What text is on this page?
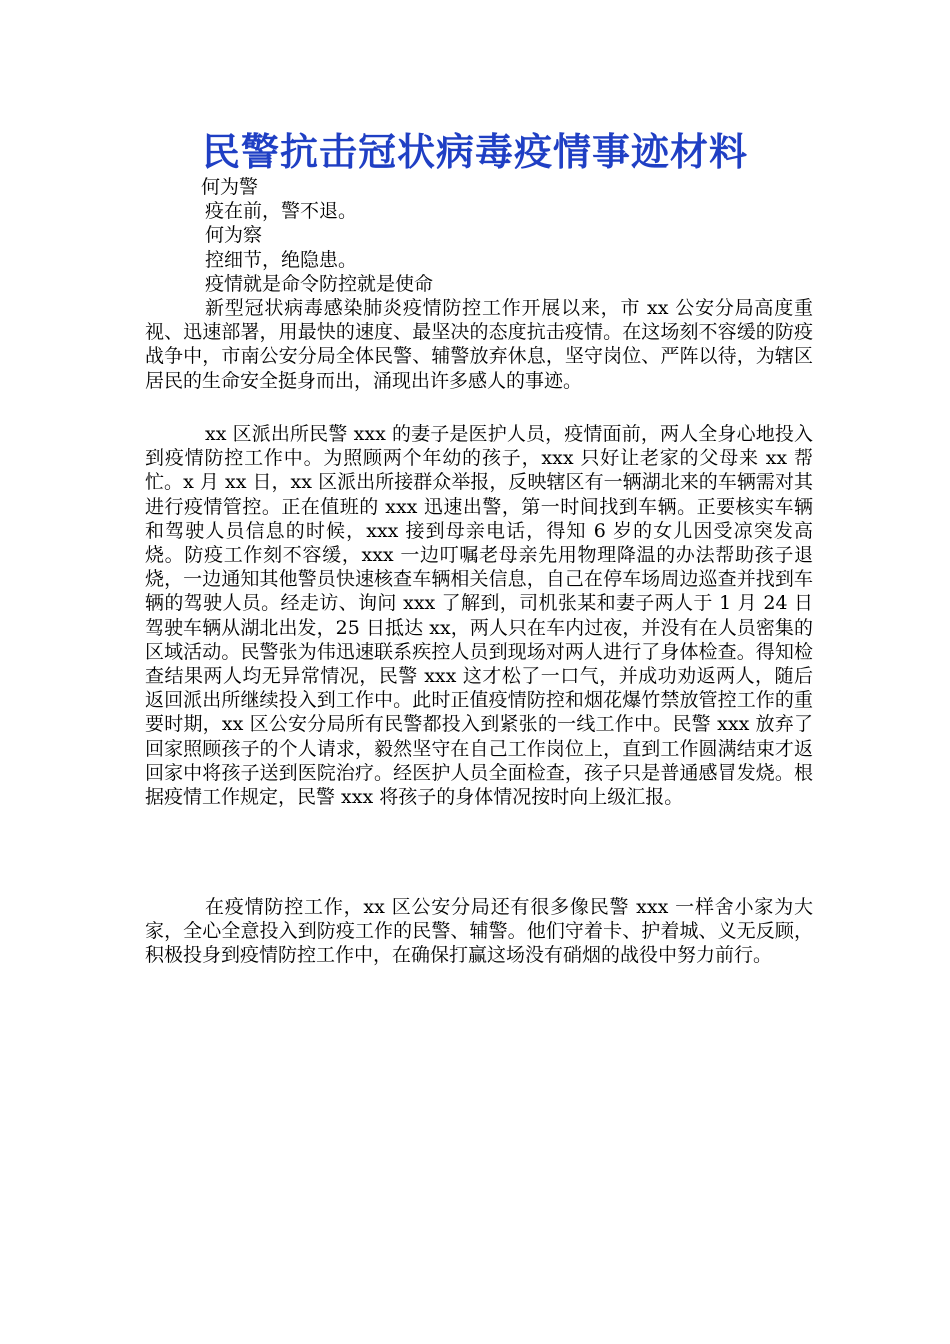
民警抗击冠状病毒疫情事迹材料

何为警

疫在前，警不退。

何为察

控细节，绝隐患。

疫情就是命令防控就是使命

新型冠状病毒感染肺炎疫情防控工作开展以来，市 xx 公安分局高度重视、迅速部署，用最快的速度、最坚决的态度抗击疫情。在这场刻不容缓的防疫战争中，市南公安分局全体民警、辅警放弃休息，坚守岗位、严阵以待，为辖区居民的生命安全挺身而出，涌现出许多感人的事迹。

xx 区派出所民警 xxx 的妻子是医护人员，疫情面前，两人全身心地投入到疫情防控工作中。为照顾两个年幼的孩子，xxx 只好让老家的父母来 xx 帮忙。x 月 xx 日，xx 区派出所接群众举报，反映辖区有一辆湖北来的车辆需对其进行疫情管控。正在值班的 xxx 迅速出警，第一时间找到车辆。正要核实车辆和驾驶人员信息的时候，xxx 接到母亲电话，得知 6 岁的女儿因受凉突发高烧。防疫工作刻不容缓，xxx 一边叮嘱老母亲先用物理降温的办法帮助孩子退烧，一边通知其他警员快速核查车辆相关信息，自己在停车场周边巡查并找到车辆的驾驶人员。经走访、询问 xxx 了解到，司机张某和妻子两人于 1 月 24 日驾驶车辆从湖北出发，25 日抵达 xx，两人只在车内过夜，并没有在人员密集的区域活动。民警张为伟迅速联系疾控人员到现场对两人进行了身体检查。得知检查结果两人均无异常情况，民警 xxx 这才松了一口气，并成功劝返两人，随后返回派出所继续投入到工作中。此时正值疫情防控和烟花爆竹禁放管控工作的重要时期，xx 区公安分局所有民警都投入到紧张的一线工作中。民警 xxx 放弃了回家照顾孩子的个人请求，毅然坚守在自己工作岗位上，直到工作圆满结束才返回家中将孩子送到医院治疗。经医护人员全面检查，孩子只是普通感冒发烧。根据疫情工作规定，民警 xxx 将孩子的身体情况按时向上级汇报。

在疫情防控工作，xx 区公安分局还有很多像民警 xxx 一样舍小家为大家，全心全意投入到防疫工作的民警、辅警。他们守着卡、护着城、义无反顾，积极投身到疫情防控工作中，在确保打赢这场没有硝烟的战役中努力前行。
